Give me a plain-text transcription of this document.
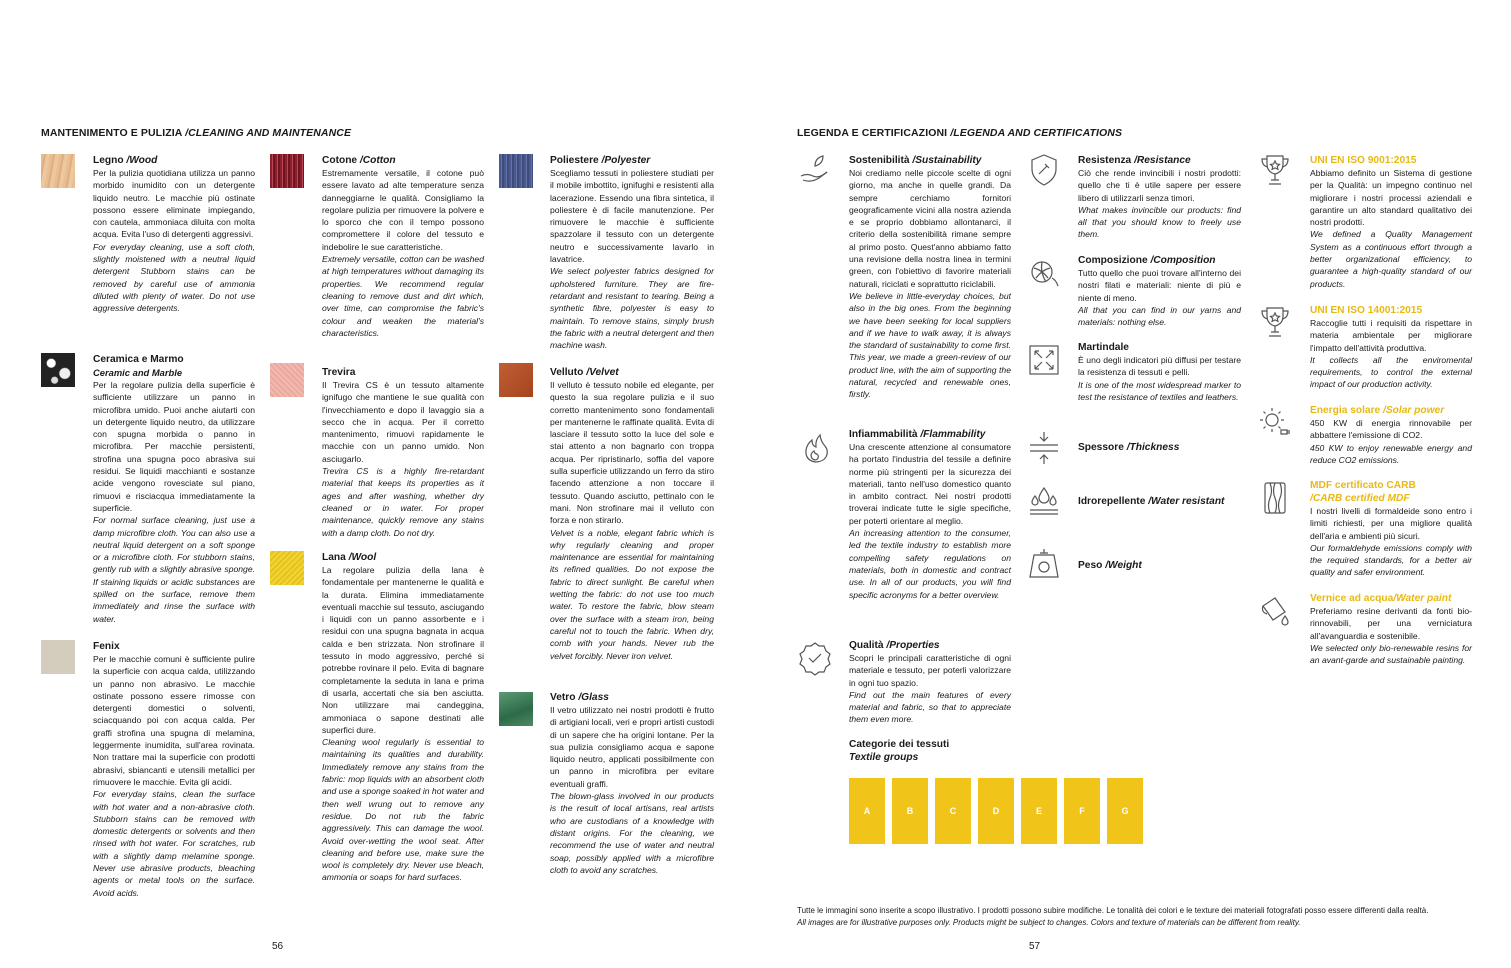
MANTENIMENTO E PULIZIA /CLEANING AND MAINTENANCE
Legno /Wood
Per la pulizia quotidiana utilizza un panno morbido inumidito con un detergente liquido neutro. Le macchie più ostinate possono essere eliminate impiegando, con cautela, ammoniaca diluita con molta acqua. Evita l'uso di detergenti aggressivi.
For everyday cleaning, use a soft cloth, slightly moistened with a neutral liquid detergent Stubborn stains can be removed by careful use of ammonia diluted with plenty of water. Do not use aggressive detergents.
Ceramica e Marmo
Ceramic and Marble
Per la regolare pulizia della superficie è sufficiente utilizzare un panno in microfibra umido. Puoi anche aiutarti con un detergente liquido neutro, da utilizzare con spugna morbida o panno in microfibra. Per macchie persistenti, strofina una spugna poco abrasiva sui residui. Se liquidi macchianti e sostanze acide vengono rovesciate sul piano, rimuovi e risciacqua immediatamente la superficie.
For normal surface cleaning, just use a damp microfibre cloth. You can also use a neutral liquid detergent on a soft sponge or a microfibre cloth. For stubborn stains, gently rub with a slightly abrasive sponge. If staining liquids or acidic substances are spilled on the surface, remove them immediately and rinse the surface with water.
Fenix
Per le macchie comuni è sufficiente pulire la superficie con acqua calda, utilizzando un panno non abrasivo. Le macchie ostinate possono essere rimosse con detergenti domestici o solventi, sciacquando poi con acqua calda. Per graffi strofina una spugna di melamina, leggermente inumidita, sull'area rovinata. Non trattare mai la superficie con prodotti abrasivi, sbiancanti e utensili metallici per rimuovere le macchie. Evita gli acidi.
For everyday stains, clean the surface with hot water and a non-abrasive cloth. Stubborn stains can be removed with domestic detergents or solvents and then rinsed with hot water. For scratches, rub with a slightly damp melamine sponge. Never use abrasive products, bleaching agents or metal tools on the surface. Avoid acids.
Cotone /Cotton
Estremamente versatile, il cotone può essere lavato ad alte temperature senza danneggiarne le qualità. Consigliamo la regolare pulizia per rimuovere la polvere e lo sporco che con il tempo possono compromettere il colore del tessuto e indebolire le sue caratteristiche.
Extremely versatile, cotton can be washed at high temperatures without damaging its properties. We recommend regular cleaning to remove dust and dirt which, over time, can compromise the fabric's colour and weaken the material's characteristics.
Trevira
Il Trevira CS è un tessuto altamente ignifugo che mantiene le sue qualità con l'invecchiamento e dopo il lavaggio sia a secco che in acqua. Per il corretto mantenimento, rimuovi rapidamente le macchie con un panno umido. Non asciugarlo.
Trevira CS is a highly fire-retardant material that keeps its properties as it ages and after washing, whether dry cleaned or in water. For proper maintenance, quickly remove any stains with a damp cloth. Do not dry.
Lana /Wool
La regolare pulizia della lana è fondamentale per mantenerne le qualità e la durata. Elimina immediatamente eventuali macchie sul tessuto, asciugando i liquidi con un panno assorbente e i residui con una spugna bagnata in acqua calda e ben strizzata. Non strofinare il tessuto in modo aggressivo, perché si potrebbe rovinare il pelo. Evita di bagnare completamente la seduta in lana e prima di usarla, accertati che sia ben asciutta. Non utilizzare mai candeggina, ammoniaca o sapone destinati alle superfici dure.
Cleaning wool regularly is essential to maintaining its qualities and durability. Immediately remove any stains from the fabric: mop liquids with an absorbent cloth and use a sponge soaked in hot water and then well wrung out to remove any residue. Do not rub the fabric aggressively. This can damage the wool. Avoid over-wetting the wool seat. After cleaning and before use, make sure the wool is completely dry. Never use bleach, ammonia or soaps for hard surfaces.
Poliestere /Polyester
Scegliamo tessuti in poliestere studiati per il mobile imbottito, ignifughi e resistenti alla lacerazione. Essendo una fibra sintetica, il poliestere è di facile manutenzione. Per rimuovere le macchie è sufficiente spazzolare il tessuto con un detergente neutro e successivamente lavarlo in lavatrice.
We select polyester fabrics designed for upholstered furniture. They are fire-retardant and resistant to tearing. Being a synthetic fibre, polyester is easy to maintain. To remove stains, simply brush the fabric with a neutral detergent and then machine wash.
Velluto /Velvet
Il velluto è tessuto nobile ed elegante, per questo la sua regolare pulizia e il suo corretto mantenimento sono fondamentali per mantenerne le raffinate qualità. Evita di lasciare il tessuto sotto la luce del sole e stai attento a non bagnarlo con troppa acqua. Per ripristinarlo, soffia del vapore sulla superficie utilizzando un ferro da stiro facendo attenzione a non toccare il tessuto. Quando asciutto, pettinalo con le mani. Non strofinare mai il velluto con forza e non stirarlo.
Velvet is a noble, elegant fabric which is why regularly cleaning and proper maintenance are essential for maintaining its refined qualities. Do not expose the fabric to direct sunlight. Be careful when wetting the fabric: do not use too much water. To restore the fabric, blow steam over the surface with a steam iron, being careful not to touch the fabric. When dry, comb with your hands. Never rub the velvet forcibly. Never iron velvet.
Vetro /Glass
Il vetro utilizzato nei nostri prodotti è frutto di artigiani locali, veri e propri artisti custodi di un sapere che ha origini lontane. Per la sua pulizia consigliamo acqua e sapone liquido neutro, applicati possibilmente con un panno in microfibra per evitare eventuali graffi.
The blown-glass involved in our products is the result of local artisans, real artists who are custodians of a knowledge with distant origins. For the cleaning, we recommend the use of water and neutral soap, possibly applied with a microfibre cloth to avoid any scratches.
56
LEGENDA E CERTIFICAZIONI /LEGENDA AND CERTIFICATIONS
Sostenibilità /Sustainability
Noi crediamo nelle piccole scelte di ogni giorno, ma anche in quelle grandi. Da sempre cerchiamo fornitori geograficamente vicini alla nostra azienda e se proprio dobbiamo allontanarci, il criterio della sostenibilità rimane sempre al primo posto. Quest'anno abbiamo fatto una revisione della nostra linea in termini green, con l'obiettivo di favorire materiali naturali, riciclati e soprattutto riciclabili.
We believe in little-everyday choices, but also in the big ones. From the beginning we have been seeking for local suppliers and if we have to walk away, it is always the standard of sustainability to come first. This year, we made a green-review of our product line, with the aim of supporting the natural, recycled and renewable ones, firstly.
Infiammabilità /Flammability
Una crescente attenzione al consumatore ha portato l'industria del tessile a definire norme più stringenti per la sicurezza dei materiali, tanto nell'uso domestico quanto in ambito contract. Nei nostri prodotti troverai indicate tutte le sigle specifiche, per poterti orientare al meglio.
An increasing attention to the consumer, led the textile industry to establish more compelling safety regulations on materials, both in domestic and contract use. In all of our products, you will find specific acronyms for a better overview.
Qualità /Properties
Scopri le principali caratteristiche di ogni materiale e tessuto, per poterli valorizzare in ogni tuo spazio.
Find out the main features of every material and fabric, so that to appreciate them even more.
Categorie dei tessuti
Textile groups
A	B	C	D	E	F	G
Resistenza /Resistance
Ciò che rende invincibili i nostri prodotti: quello che ti è utile sapere per essere libero di utilizzarli senza timori.
What makes invincible our products: find all that you should know to freely use them.
Composizione /Composition
Tutto quello che puoi trovare all'interno dei nostri filati e materiali: niente di più e niente di meno.
All that you can find in our yarns and materials: nothing else.
Martindale
È uno degli indicatori più diffusi per testare la resistenza di tessuti e pelli.
It is one of the most widespread marker to test the resistance of textiles and leathers.
Spessore /Thickness
Idrorepellente /Water resistant
Peso /Weight
UNI EN ISO 9001:2015
Abbiamo definito un Sistema di gestione per la Qualità: un impegno continuo nel migliorare i nostri processi aziendali e garantire un alto standard qualitativo dei nostri prodotti.
We defined a Quality Management System as a continuous effort through a better organizational efficiency, to guarantee a high-quality standard of our products.
UNI EN ISO 14001:2015
Raccoglie tutti i requisiti da rispettare in materia ambientale per migliorare l'impatto dell'attività produttiva.
It collects all the enviromental requirements, to control the external impact of our production activity.
Energia solare /Solar power
450 KW di energia rinnovabile per abbattere l'emissione di CO2.
450 KW to enjoy renewable energy and reduce CO2 emissions.
MDF certificato CARB
/CARB certified MDF
I nostri livelli di formaldeide sono entro i limiti richiesti, per una migliore qualità dell'aria e ambienti più sicuri.
Our formaldehyde emissions comply with the required standards, for a better air quality and safer environment.
Vernice ad acqua/Water paint
Preferiamo resine derivanti da fonti bio-rinnovabili, per una verniciatura all'avanguardia e sostenibile.
We selected only bio-renewable resins for an avant-garde and sustainable painting.
Tutte le immagini sono inserite a scopo illustrativo. I prodotti possono subire modifiche. Le tonalità dei colori e le texture dei materiali fotografati posso essere differenti dalla realtà.
All images are for illustrative purposes only. Products might be subject to changes. Colors and texture of materials can be different from reality.
57
